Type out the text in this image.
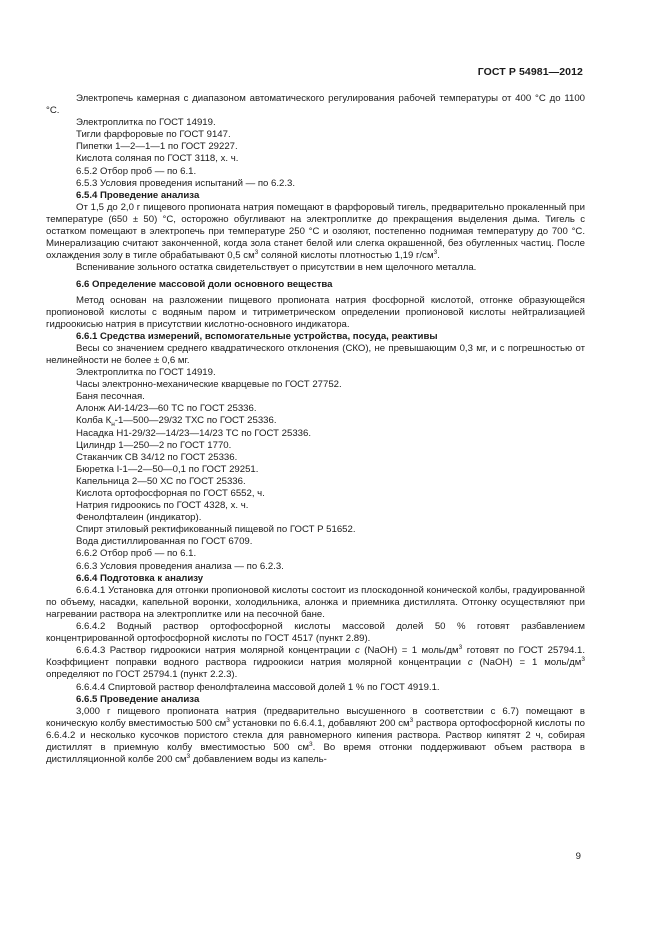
ГОСТ Р 54981—2012

Электропечь камерная с диапазоном автоматического регулирования рабочей температуры от 400 °С до 1100 °С.

Электроплитка по ГОСТ 14919.

Тигли фарфоровые по ГОСТ 9147.

Пипетки 1—2—1—1 по ГОСТ 29227.

Кислота соляная по ГОСТ 3118, х. ч.

6.5.2 Отбор проб — по 6.1.

6.5.3 Условия проведения испытаний — по 6.2.3.

6.5.4 Проведение анализа

От 1,5 до 2,0 г пищевого пропионата натрия помещают в фарфоровый тигель, предварительно прокаленный при температуре (650 ± 50) °С, осторожно обугливают на электроплитке до прекращения выделения дыма. Тигель с остатком помещают в электропечь при температуре 250 °С и озоляют, постепенно поднимая температуру до 700 °С. Минерализацию считают законченной, когда зола станет белой или слегка окрашенной, без обугленных частиц. После охлаждения золу в тигле обрабатывают 0,5 $см^3$ соляной кислоты плотностью 1,19 $г/см^3$.

Вспенивание зольного остатка свидетельствует о присутствии в нем щелочного металла.

6.6 Определение массовой доли основного вещества

Метод основан на разложении пищевого пропионата натрия фосфорной кислотой, отгонке образующейся пропионовой кислоты с водяным паром и титриметрическом определении пропионовой кислоты нейтрализацией гидроокисью натрия в присутствии кислотно-основного индикатора.

6.6.1 Средства измерений, вспомогательные устройства, посуда, реактивы

Весы со значением среднего квадратического отклонения (СКО), не превышающим 0,3 мг, и с погрешностью от нелинейности не более ± 0,6 мг.

Электроплитка по ГОСТ 14919.

Часы электронно-механические кварцевые по ГОСТ 27752.

Баня песочная.

Алонж АИ-14/23—60 ТС по ГОСТ 25336.

Колба $К_н-1—500—29/32$ ТХС по ГОСТ 25336.

Насадка Н1-29/32—14/23—14/23 ТС по ГОСТ 25336.

Цилиндр 1—250—2 по ГОСТ 1770.

Стаканчик СВ 34/12 по ГОСТ 25336.

Бюретка I-1—2—50—0,1 по ГОСТ 29251.

Капельница 2—50 ХС по ГОСТ 25336.

Кислота ортофосфорная по ГОСТ 6552, ч.

Натрия гидроокись по ГОСТ 4328, х. ч.

Фенолфталеин (индикатор).

Спирт этиловый ректификованный пищевой по ГОСТ Р 51652.

Вода дистиллированная по ГОСТ 6709.

6.6.2 Отбор проб — по 6.1.

6.6.3 Условия проведения анализа — по 6.2.3.

6.6.4 Подготовка к анализу

6.6.4.1 Установка для отгонки пропионовой кислоты состоит из плоскодонной конической колбы, градуированной по объему, насадки, капельной воронки, холодильника, алонжа и приемника дистиллята. Отгонку осуществляют при нагревании раствора на электроплитке или на песочной бане.

6.6.4.2 Водный раствор ортофосфорной кислоты массовой долей 50 % готовят разбавлением концентрированной ортофосфорной кислоты по ГОСТ 4517 (пункт 2.89).

6.6.4.3 Раствор гидроокиси натрия молярной концентрации c (NaOH) = 1 моль/$дм^3$ готовят по ГОСТ 25794.1. Коэффициент поправки водного раствора гидроокиси натрия молярной концентрации c (NaOH) = 1 моль/$дм^3$ определяют по ГОСТ 25794.1 (пункт 2.2.3).

6.6.4.4 Спиртовой раствор фенолфталеина массовой долей 1 % по ГОСТ 4919.1.

6.6.5 Проведение анализа

3,000 г пищевого пропионата натрия (предварительно высушенного в соответствии с 6.7) помещают в коническую колбу вместимостью 500 $см^3$ установки по 6.6.4.1, добавляют 200 $см^3$ раствора ортофосфорной кислоты по 6.6.4.2 и несколько кусочков пористого стекла для равномерного кипения раствора. Раствор кипятят 2 ч, собирая дистиллят в приемную колбу вместимостью 500 $см^3$. Во время отгонки поддерживают объем раствора в дистилляционной колбе 200 $см^3$ добавлением воды из капель-

9
